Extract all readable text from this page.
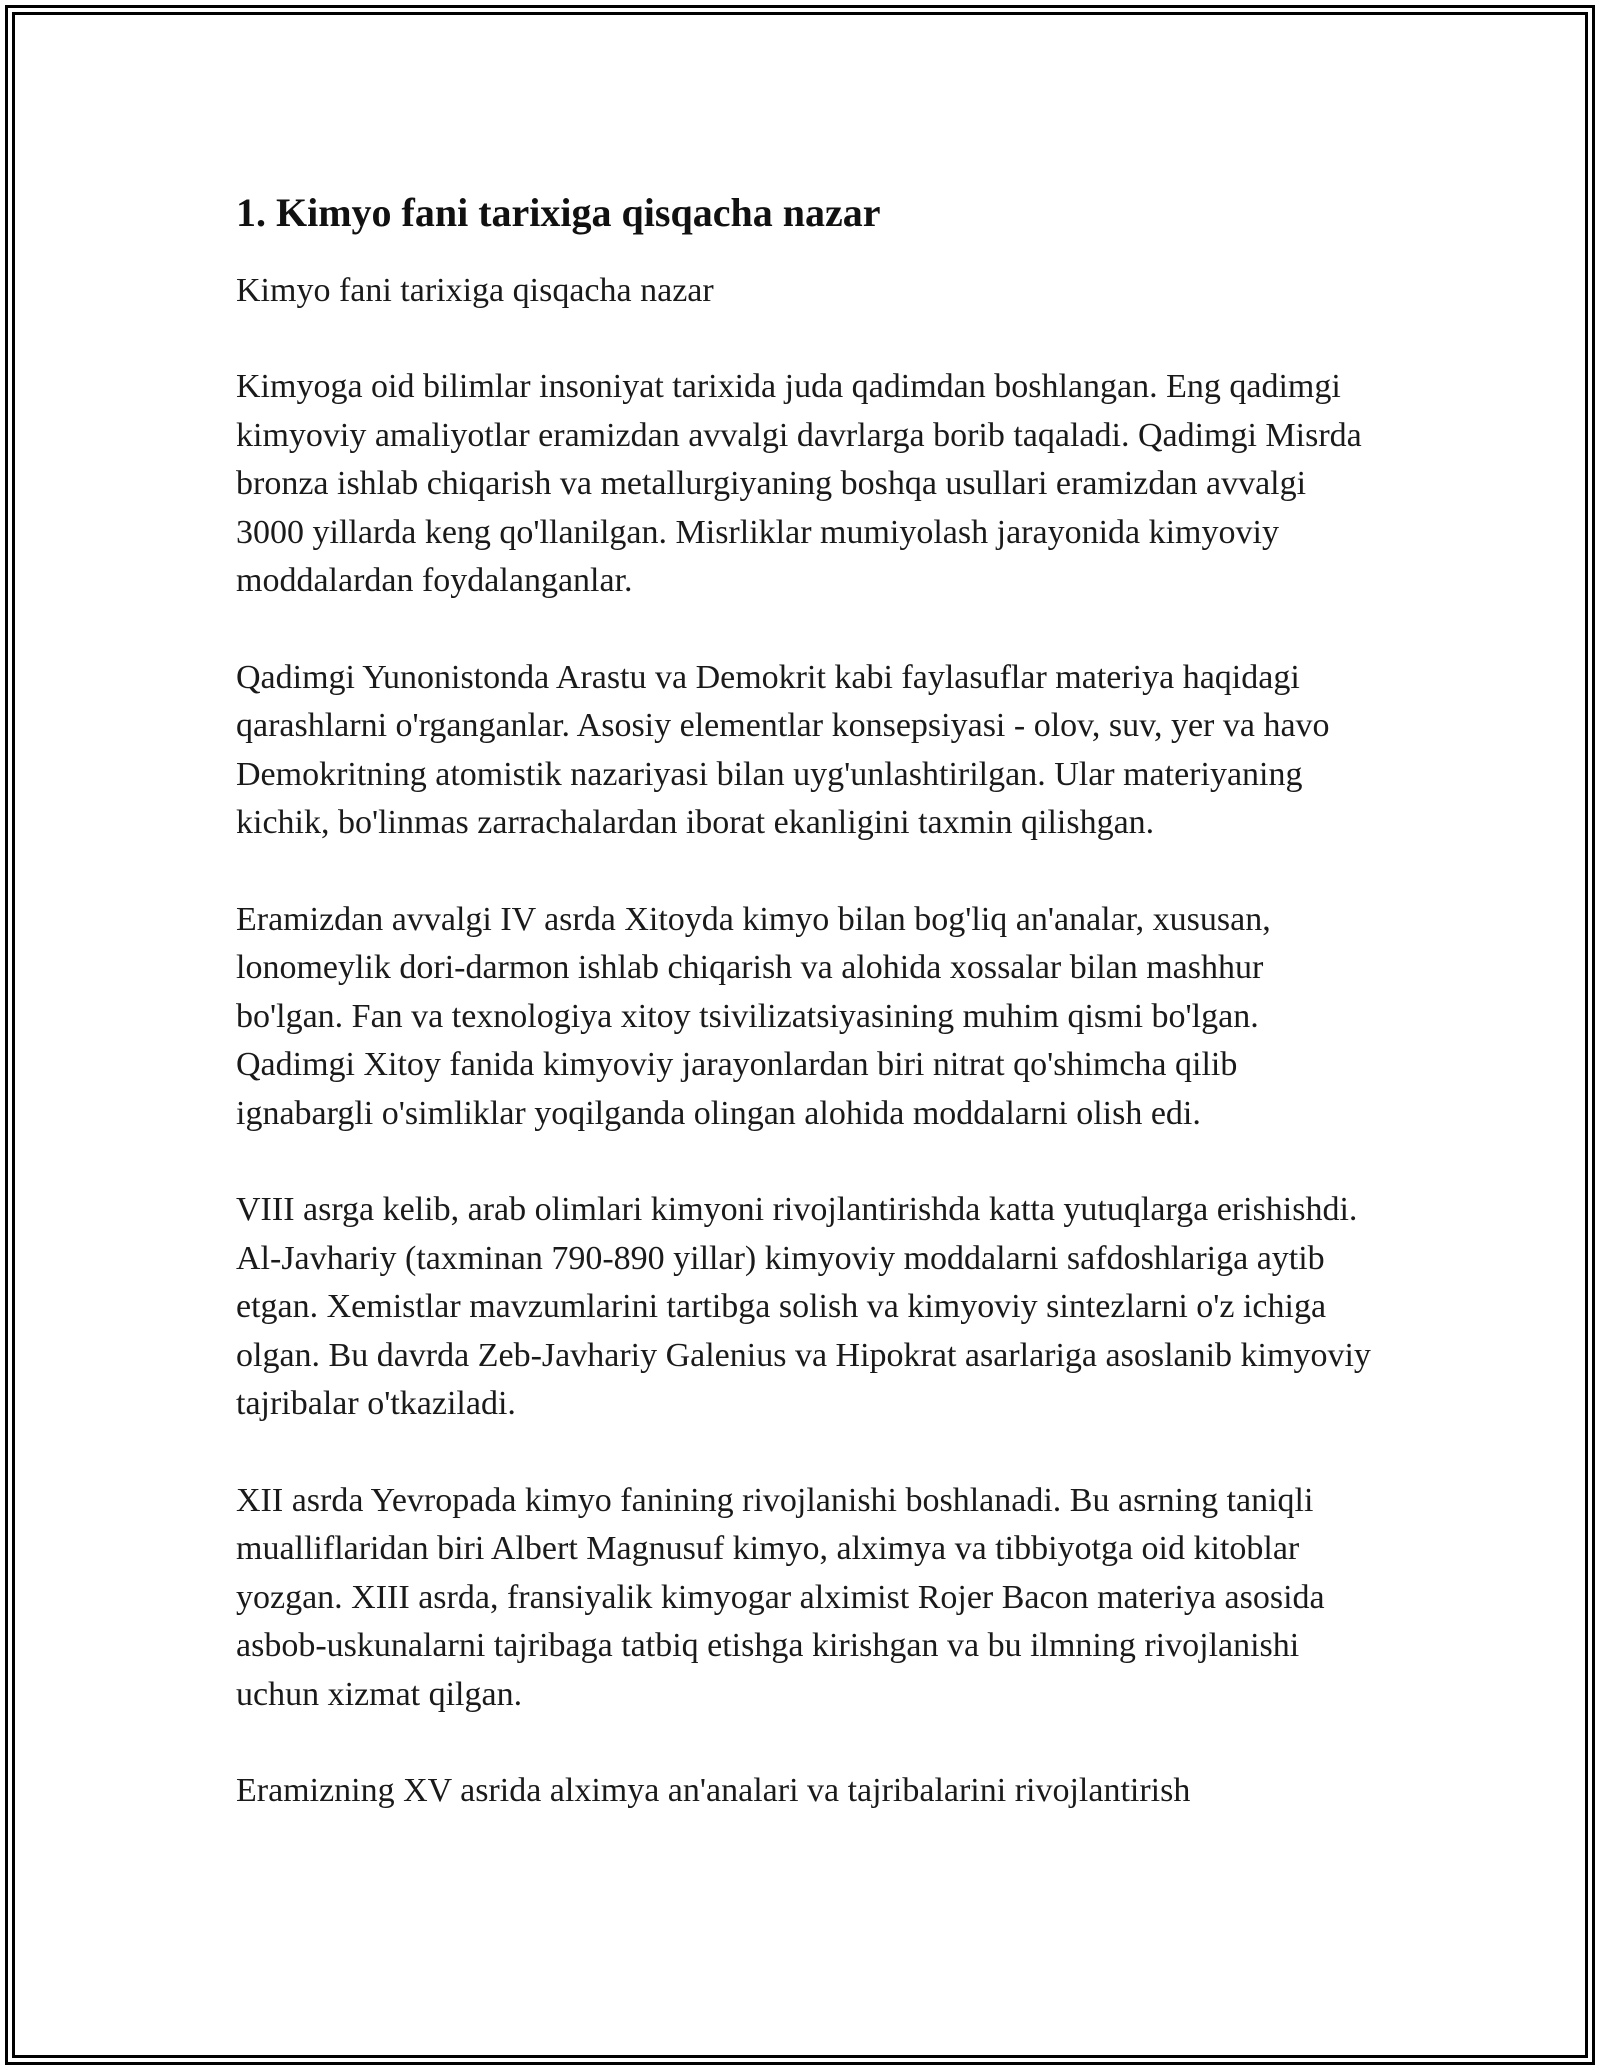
1. Kimyo fani tarixiga qisqacha nazar

Kimyo fani tarixiga qisqacha nazar

Kimyoga oid bilimlar insoniyat tarixida juda qadimdan boshlangan. Eng qadimgi kimyoviy amaliyotlar eramizdan avvalgi davrlarga borib taqaladi. Qadimgi Misrda bronza ishlab chiqarish va metallurgiyaning boshqa usullari eramizdan avvalgi 3000 yillarda keng qo'llanilgan. Misrliklar mumiyolash jarayonida kimyoviy moddalardan foydalanganlar.

Qadimgi Yunonistonda Arastu va Demokrit kabi faylasuflar materiya haqidagi qarashlarni o'rganganlar. Asosiy elementlar konsepsiyasi - olov, suv, yer va havo Demokritning atomistik nazariyasi bilan uyg'unlashtirilgan. Ular materiyaning kichik, bo'linmas zarrachalardan iborat ekanligini taxmin qilishgan.

Eramizdan avvalgi IV asrda Xitoyda kimyo bilan bog'liq an'analar, xususan, lonomeylik dori-darmon ishlab chiqarish va alohida xossalar bilan mashhur bo'lgan. Fan va texnologiya xitoy tsivilizatsiyasining muhim qismi bo'lgan. Qadimgi Xitoy fanida kimyoviy jarayonlardan biri nitrat qo'shimcha qilib ignabargli o'simliklar yoqilganda olingan alohida moddalarni olish edi.

VIII asrga kelib, arab olimlari kimyoni rivojlantirishda katta yutuqlarga erishishdi. Al-Javhariy (taxminan 790-890 yillar) kimyoviy moddalarni safdoshlariga aytib etgan. Xemistlar mavzumlarini tartibga solish va kimyoviy sintezlarni o'z ichiga olgan. Bu davrda Zeb-Javhariy Galenius va Hipokrat asarlariga asoslanib kimyoviy tajribalar o'tkaziladi.

XII asrda Yevropada kimyo fanining rivojlanishi boshlanadi. Bu asrning taniqli mualliflaridan biri Albert Magnusuf kimyo, alximya va tibbiyotga oid kitoblar yozgan. XIII asrda, fransiyalik kimyogar alximist Rojer Bacon materiya asosida asbob-uskunalarni tajribaga tatbiq etishga kirishgan va bu ilmning rivojlanishi uchun xizmat qilgan.

Eramizning XV asrida alximya an'analari va tajribalarini rivojlantirish
